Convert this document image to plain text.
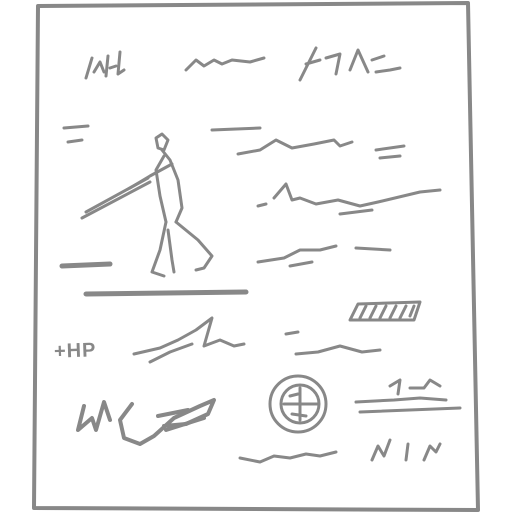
+HP
